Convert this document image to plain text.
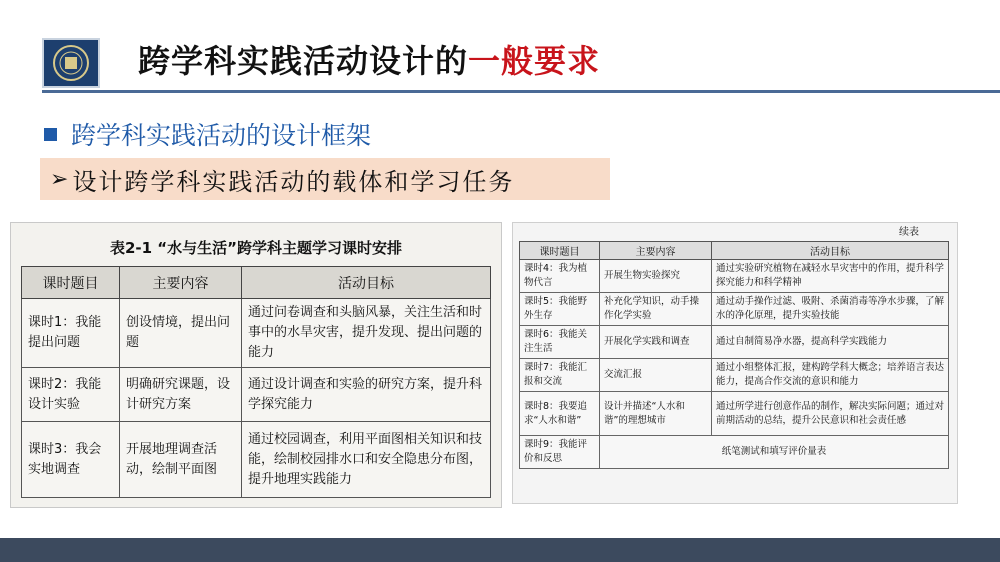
跨学科实践活动设计的一般要求
跨学科实践活动的设计框架
➢ 设计跨学科实践活动的载体和学习任务
表2-1 “水与生活”跨学科主题学习课时安排
课时题目	主要内容	活动目标
课时1：我能提出问题	创设情境，提出问题	通过问卷调查和头脑风暴，关注生活和时事中的水旱灾害，提升发现、提出问题的能力
课时2：我能设计实验	明确研究课题，设计研究方案	通过设计调查和实验的研究方案，提升科学探究能力
课时3：我会实地调查	开展地理调查活动，绘制平面图	通过校园调查，利用平面图相关知识和技能，绘制校园排水口和安全隐患分布图，提升地理实践能力
续表
课时题目	主要内容	活动目标
课时4：我为植物代言	开展生物实验探究	通过实验研究植物在减轻水旱灾害中的作用，提升科学探究能力和科学精神
课时5：我能野外生存	补充化学知识，动手操作化学实验	通过动手操作过滤、吸附、杀菌消毒等净水步骤，了解水的净化原理，提升实验技能
课时6：我能关注生活	开展化学实践和调查	通过自制简易净水器，提高科学实践能力
课时7：我能汇报和交流	交流汇报	通过小组整体汇报，建构跨学科大概念；培养语言表达能力，提高合作交流的意识和能力
课时8：我要追求“人水和谐”	设计并描述“人水和谐”的理想城市	通过所学进行创意作品的制作，解决实际问题；通过对前期活动的总结，提升公民意识和社会责任感
课时9：我能评价和反思	纸笔测试和填写评价量表	
